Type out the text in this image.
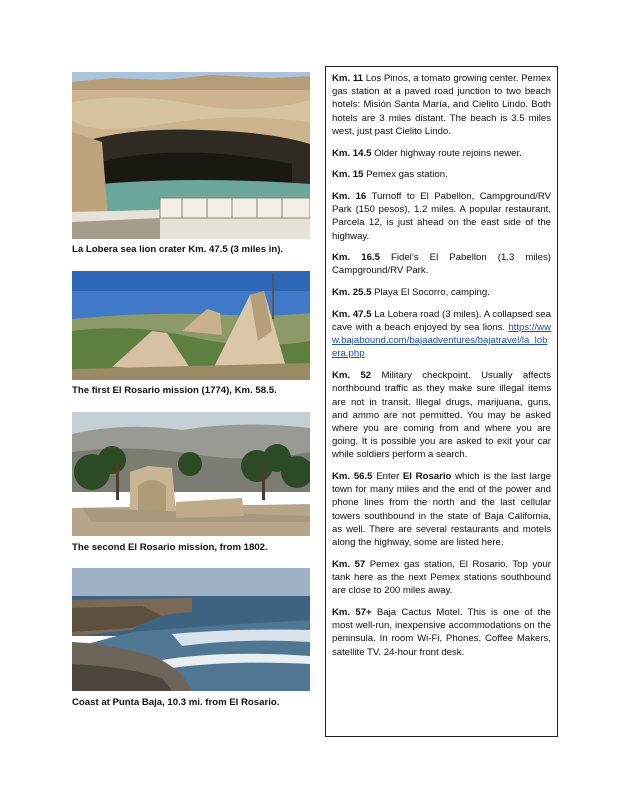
La Lobera sea lion crater Km. 47.5 (3 miles in).
The first El Rosario mission (1774), Km. 58.5.
The second El Rosario mission, from 1802.
Coast at Punta Baja, 10.3 mi. from El Rosario.

Km. 11 Los Pinos, a tomato growing center. Pemex gas station at a paved road junction to two beach hotels: Misión Santa María, and Cielito Lindo. Both hotels are 3 miles distant. The beach is 3.5 miles west, just past Cielito Lindo.

Km. 14.5 Older highway route rejoins newer.

Km. 15 Pemex gas station.

Km. 16 Turnoff to El Pabellon, Campground/RV Park (150 pesos), 1.2 miles. A popular restaurant, Parcela 12, is just ahead on the east side of the highway.

Km. 16.5 Fidel’s El Pabellon (1.3 miles) Campground/RV Park.

Km. 25.5 Playa El Socorro, camping.

Km. 47.5 La Lobera road (3 miles). A collapsed sea cave with a beach enjoyed by sea lions. https://www.bajabound.com/bajaadventures/bajatravel/la_lobera.php

Km. 52 Military checkpoint. Usually affects northbound traffic as they make sure illegal items are not in transit. Illegal drugs, marijuana, guns, and ammo are not permitted. You may be asked where you are coming from and where you are going. It is possible you are asked to exit your car while soldiers perform a search.

Km. 56.5 Enter El Rosario which is the last large town for many miles and the end of the power and phone lines from the north and the last cellular towers southbound in the state of Baja California, as well. There are several restaurants and motels along the highway, some are listed here.

Km. 57 Pemex gas station, El Rosario. Top your tank here as the next Pemex stations southbound are close to 200 miles away.

Km. 57+ Baja Cactus Motel. This is one of the most well-run, inexpensive accommodations on the peninsula. In room Wi-Fi, Phones, Coffee Makers, satellite TV. 24-hour front desk.
